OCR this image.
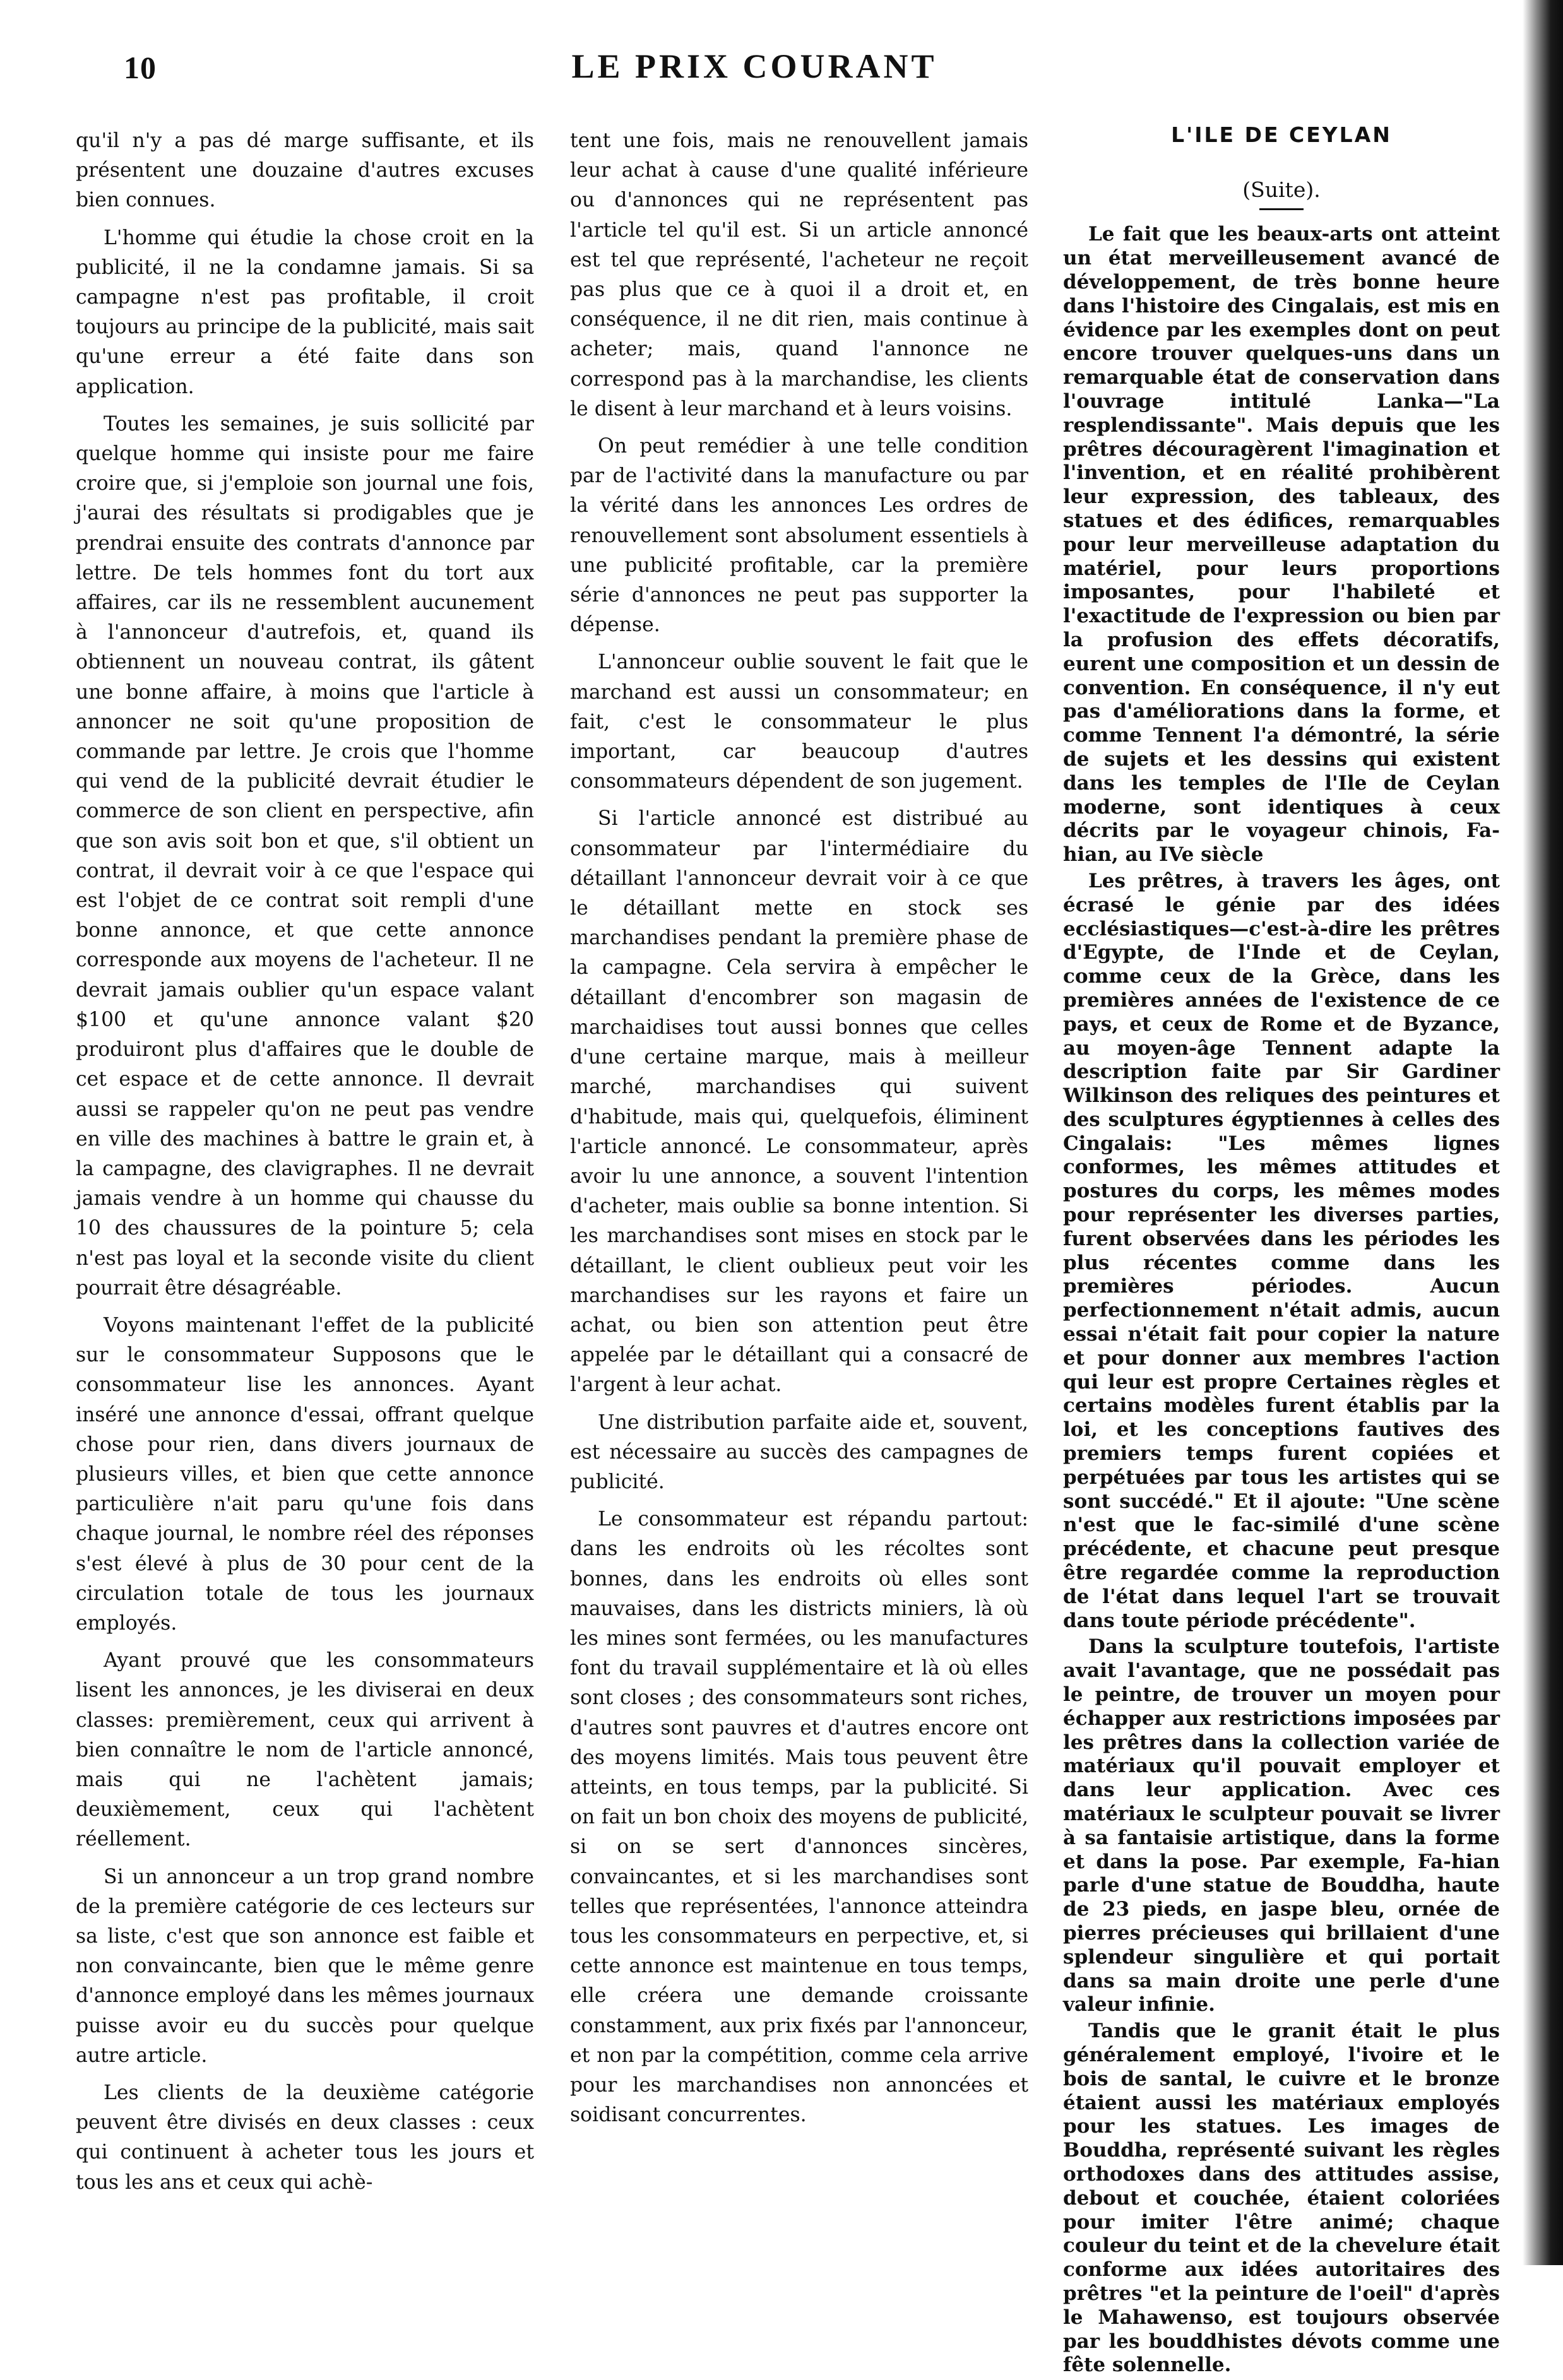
10	LE PRIX COURANT

qu'il n'y a pas dé marge suffisante, et ils présentent une douzaine d'autres excuses bien connues.

L'homme qui étudie la chose croit en la publicité, il ne la condamne jamais. Si sa campagne n'est pas profitable, il croit toujours au principe de la publicité, mais sait qu'une erreur a été faite dans son application.

Toutes les semaines, je suis sollicité par quelque homme qui insiste pour me faire croire que, si j'emploie son journal une fois, j'aurai des résultats si prodigables que je prendrai ensuite des contrats d'annonce par lettre. De tels hommes font du tort aux affaires, car ils ne ressemblent aucunement à l'annonceur d'autrefois, et, quand ils obtiennent un nouveau contrat, ils gâtent une bonne affaire, à moins que l'article à annoncer ne soit qu'une proposition de commande par lettre. Je crois que l'homme qui vend de la publicité devrait étudier le commerce de son client en perspective, afin que son avis soit bon et que, s'il obtient un contrat, il devrait voir à ce que l'espace qui est l'objet de ce contrat soit rempli d'une bonne annonce, et que cette annonce corresponde aux moyens de l'acheteur. Il ne devrait jamais oublier qu'un espace valant $100 et qu'une annonce valant $20 produiront plus d'affaires que le double de cet espace et de cette annonce. Il devrait aussi se rappeler qu'on ne peut pas vendre en ville des machines à battre le grain et, à la campagne, des clavigraphes. Il ne devrait jamais vendre à un homme qui chausse du 10 des chaussures de la pointure 5; cela n'est pas loyal et la seconde visite du client pourrait être désagréable.

Voyons maintenant l'effet de la publicité sur le consommateur Supposons que le consommateur lise les annonces. Ayant inséré une annonce d'essai, offrant quelque chose pour rien, dans divers journaux de plusieurs villes, et bien que cette annonce particulière n'ait paru qu'une fois dans chaque journal, le nombre réel des réponses s'est élevé à plus de 30 pour cent de la circulation totale de tous les journaux employés.

Ayant prouvé que les consommateurs lisent les annonces, je les diviserai en deux classes: premièrement, ceux qui arrivent à bien connaître le nom de l'article annoncé, mais qui ne l'achètent jamais; deuxièmement, ceux qui l'achètent réellement.

Si un annonceur a un trop grand nombre de la première catégorie de ces lecteurs sur sa liste, c'est que son annonce est faible et non convaincante, bien que le même genre d'annonce employé dans les mêmes journaux puisse avoir eu du succès pour quelque autre article.

Les clients de la deuxième catégorie peuvent être divisés en deux classes : ceux qui continuent à acheter tous les jours et tous les ans et ceux qui achè-

tent une fois, mais ne renouvellent jamais leur achat à cause d'une qualité inférieure ou d'annonces qui ne représentent pas l'article tel qu'il est. Si un article annoncé est tel que représenté, l'acheteur ne reçoit pas plus que ce à quoi il a droit et, en conséquence, il ne dit rien, mais continue à acheter; mais, quand l'annonce ne correspond pas à la marchandise, les clients le disent à leur marchand et à leurs voisins.

On peut remédier à une telle condition par de l'activité dans la manufacture ou par la vérité dans les annonces Les ordres de renouvellement sont absolument essentiels à une publicité profitable, car la première série d'annonces ne peut pas supporter la dépense.

L'annonceur oublie souvent le fait que le marchand est aussi un consommateur; en fait, c'est le consommateur le plus important, car beaucoup d'autres consommateurs dépendent de son jugement.

Si l'article annoncé est distribué au consommateur par l'intermédiaire du détaillant l'annonceur devrait voir à ce que le détaillant mette en stock ses marchandises pendant la première phase de la campagne. Cela servira à empêcher le détaillant d'encombrer son magasin de marchaidises tout aussi bonnes que celles d'une certaine marque, mais à meilleur marché, marchandises qui suivent d'habitude, mais qui, quelquefois, éliminent l'article annoncé. Le consommateur, après avoir lu une annonce, a souvent l'intention d'acheter, mais oublie sa bonne intention. Si les marchandises sont mises en stock par le détaillant, le client oublieux peut voir les marchandises sur les rayons et faire un achat, ou bien son attention peut être appelée par le détaillant qui a consacré de l'argent à leur achat.

Une distribution parfaite aide et, souvent, est nécessaire au succès des campagnes de publicité.

Le consommateur est répandu partout: dans les endroits où les récoltes sont bonnes, dans les endroits où elles sont mauvaises, dans les districts miniers, là où les mines sont fermées, ou les manufactures font du travail supplémentaire et là où elles sont closes ; des consommateurs sont riches, d'autres sont pauvres et d'autres encore ont des moyens limités. Mais tous peuvent être atteints, en tous temps, par la publicité. Si on fait un bon choix des moyens de publicité, si on se sert d'annonces sincères, convaincantes, et si les marchandises sont telles que représentées, l'annonce atteindra tous les consommateurs en perpective, et, si cette annonce est maintenue en tous temps, elle créera une demande croissante constamment, aux prix fixés par l'annonceur, et non par la compétition, comme cela arrive pour les marchandises non annoncées et soidisant concurrentes.

L'ILE DE CEYLAN
(Suite).

Le fait que les beaux-arts ont atteint un état merveilleusement avancé de développement, de très bonne heure dans l'histoire des Cingalais, est mis en évidence par les exemples dont on peut encore trouver quelques-uns dans un remarquable état de conservation dans l'ouvrage intitulé Lanka—"La resplendissante". Mais depuis que les prêtres découragèrent l'imagination et l'invention, et en réalité prohibèrent leur expression, des tableaux, des statues et des édifices, remarquables pour leur merveilleuse adaptation du matériel, pour leurs proportions imposantes, pour l'habileté et l'exactitude de l'expression ou bien par la profusion des effets décoratifs, eurent une composition et un dessin de convention. En conséquence, il n'y eut pas d'améliorations dans la forme, et comme Tennent l'a démontré, la série de sujets et les dessins qui existent dans les temples de l'Ile de Ceylan moderne, sont identiques à ceux décrits par le voyageur chinois, Fa-hian, au IVe siècle

Les prêtres, à travers les âges, ont écrasé le génie par des idées ecclésiastiques—c'est-à-dire les prêtres d'Egypte, de l'Inde et de Ceylan, comme ceux de la Grèce, dans les premières années de l'existence de ce pays, et ceux de Rome et de Byzance, au moyen-âge Tennent adapte la description faite par Sir Gardiner Wilkinson des reliques des peintures et des sculptures égyptiennes à celles des Cingalais: "Les mêmes lignes conformes, les mêmes attitudes et postures du corps, les mêmes modes pour représenter les diverses parties, furent observées dans les périodes les plus récentes comme dans les premières périodes. Aucun perfectionnement n'était admis, aucun essai n'était fait pour copier la nature et pour donner aux membres l'action qui leur est propre Certaines règles et certains modèles furent établis par la loi, et les conceptions fautives des premiers temps furent copiées et perpétuées par tous les artistes qui se sont succédé." Et il ajoute: "Une scène n'est que le fac-similé d'une scène précédente, et chacune peut presque être regardée comme la reproduction de l'état dans lequel l'art se trouvait dans toute période précédente".

Dans la sculpture toutefois, l'artiste avait l'avantage, que ne possédait pas le peintre, de trouver un moyen pour échapper aux restrictions imposées par les prêtres dans la collection variée de matériaux qu'il pouvait employer et dans leur application. Avec ces matériaux le sculpteur pouvait se livrer à sa fantaisie artistique, dans la forme et dans la pose. Par exemple, Fa-hian parle d'une statue de Bouddha, haute de 23 pieds, en jaspe bleu, ornée de pierres précieuses qui brillaient d'une splendeur singulière et qui portait dans sa main droite une perle d'une valeur infinie.

Tandis que le granit était le plus généralement employé, l'ivoire et le bois de santal, le cuivre et le bronze étaient aussi les matériaux employés pour les statues. Les images de Bouddha, représenté suivant les règles orthodoxes dans des attitudes assise, debout et couchée, étaient coloriées pour imiter l'être animé; chaque couleur du teint et de la chevelure était conforme aux idées autoritaires des prêtres "et la peinture de l'oeil" d'après le Mahawenso, est toujours observée par les bouddhistes dévots comme une fête solennelle.
